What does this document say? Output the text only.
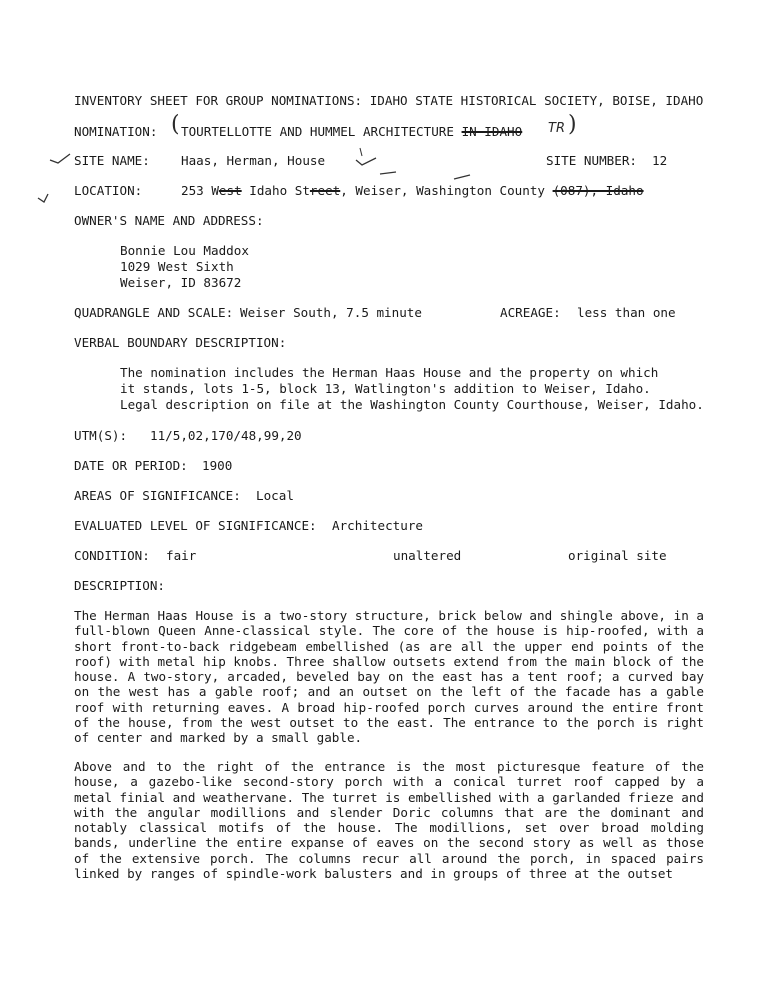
INVENTORY SHEET FOR GROUP NOMINATIONS: IDAHO STATE HISTORICAL SOCIETY, BOISE, IDAHO
NOMINATION: ( TOURTELLOTTE AND HUMMEL ARCHITECTURE IN IDAHO TR )
SITE NAME: Haas, Herman, House	SITE NUMBER: 12
LOCATION:	253 West Idaho Street, Weiser, Washington County (087), Idaho
OWNER'S NAME AND ADDRESS:
Bonnie Lou Maddox
1029 West Sixth
Weiser, ID 83672
QUADRANGLE AND SCALE: Weiser South, 7.5 minute	ACREAGE: less than one
VERBAL BOUNDARY DESCRIPTION:
The nomination includes the Herman Haas House and the property on which
it stands, lots 1-5, block 13, Watlington's addition to Weiser, Idaho.
Legal description on file at the Washington County Courthouse, Weiser, Idaho.
UTM(S): 11/5,02,170/48,99,20
DATE OR PERIOD: 1900
AREAS OF SIGNIFICANCE: Local
EVALUATED LEVEL OF SIGNIFICANCE: Architecture
CONDITION: fair	unaltered	original site
DESCRIPTION:
The Herman Haas House is a two-story structure, brick below and shingle above, in a full-blown Queen Anne-classical style. The core of the house is hip-roofed, with a short front-to-back ridgebeam embellished (as are all the upper end points of the roof) with metal hip knobs. Three shallow outsets extend from the main block of the house. A two-story, arcaded, beveled bay on the east has a tent roof; a curved bay on the west has a gable roof; and an outset on the left of the facade has a gable roof with returning eaves. A broad hip-roofed porch curves around the entire front of the house, from the west outset to the east. The entrance to the porch is right of center and marked by a small gable.
Above and to the right of the entrance is the most picturesque feature of the house, a gazebo-like second-story porch with a conical turret roof capped by a metal finial and weathervane. The turret is embellished with a garlanded frieze and with the angular modillions and slender Doric columns that are the dominant and notably classical motifs of the house. The modillions, set over broad molding bands, underline the entire expanse of eaves on the second story as well as those of the extensive porch. The columns recur all around the porch, in spaced pairs linked by ranges of spindle-work balusters and in groups of three at the outset
